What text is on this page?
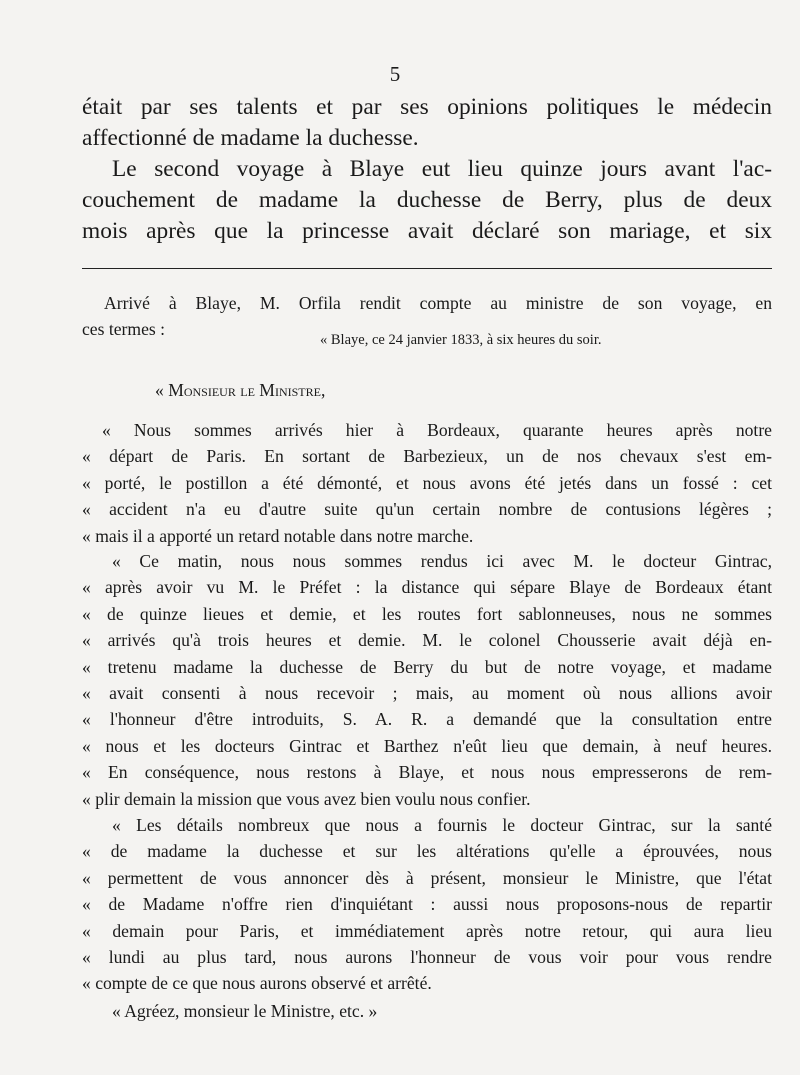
5
était par ses talents et par ses opinions politiques le médecin
affectionné de madame la duchesse.
Le second voyage à Blaye eut lieu quinze jours avant l'ac-
couchement de madame la duchesse de Berry, plus de deux
mois après que la princesse avait déclaré son mariage, et six
Arrivé à Blaye, M. Orfila rendit compte au ministre de son voyage, en
ces termes :
« Blaye, ce 24 janvier 1833, à six heures du soir.
« Monsieur le Ministre,
« Nous sommes arrivés hier à Bordeaux, quarante heures après notre
« départ de Paris. En sortant de Barbezieux, un de nos chevaux s'est em-
« porté, le postillon a été démonté, et nous avons été jetés dans un fossé : cet
« accident n'a eu d'autre suite qu'un certain nombre de contusions légères ;
« mais il a apporté un retard notable dans notre marche.
« Ce matin, nous nous sommes rendus ici avec M. le docteur Gintrac,
« après avoir vu M. le Préfet : la distance qui sépare Blaye de Bordeaux étant
« de quinze lieues et demie, et les routes fort sablonneuses, nous ne sommes
« arrivés qu'à trois heures et demie. M. le colonel Chousserie avait déjà en-
« tretenu madame la duchesse de Berry du but de notre voyage, et madame
« avait consenti à nous recevoir ; mais, au moment où nous allions avoir
« l'honneur d'être introduits, S. A. R. a demandé que la consultation entre
« nous et les docteurs Gintrac et Barthez n'eût lieu que demain, à neuf heures.
« En conséquence, nous restons à Blaye, et nous nous empresserons de rem-
« plir demain la mission que vous avez bien voulu nous confier.
« Les détails nombreux que nous a fournis le docteur Gintrac, sur la santé
« de madame la duchesse et sur les altérations qu'elle a éprouvées, nous
« permettent de vous annoncer dès à présent, monsieur le Ministre, que l'état
« de Madame n'offre rien d'inquiétant : aussi nous proposons-nous de repartir
« demain pour Paris, et immédiatement après notre retour, qui aura lieu
« lundi au plus tard, nous aurons l'honneur de vous voir pour vous rendre
« compte de ce que nous aurons observé et arrêté.
« Agréez, monsieur le Ministre, etc. »
